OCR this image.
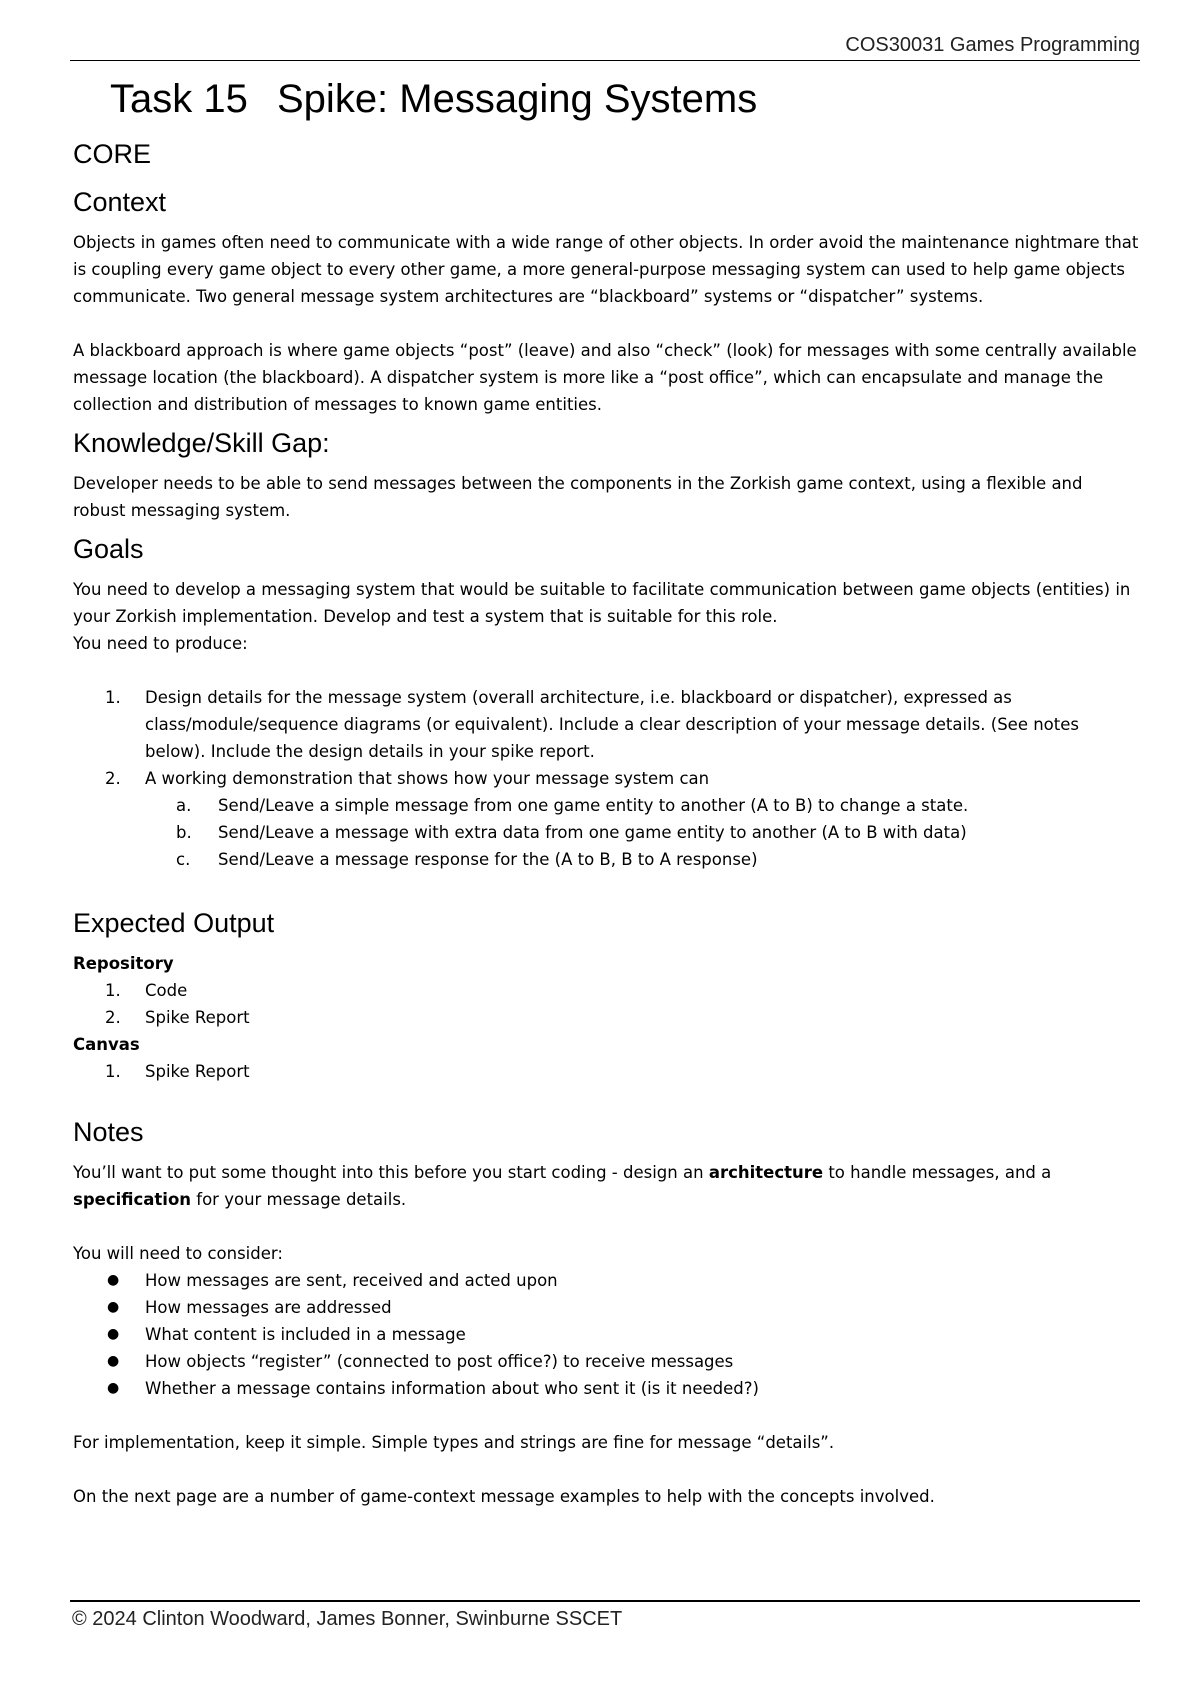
COS30031 Games Programming
Task 15 Spike: Messaging Systems
CORE
Context

Objects in games often need to communicate with a wide range of other objects. In order avoid the maintenance nightmare that is coupling every game object to every other game, a more general-purpose messaging system can used to help game objects communicate. Two general message system architectures are “blackboard” systems or “dispatcher” systems.

A blackboard approach is where game objects “post” (leave) and also “check” (look) for messages with some centrally available message location (the blackboard). A dispatcher system is more like a “post office”, which can encapsulate and manage the collection and distribution of messages to known game entities.

Knowledge/Skill Gap:

Developer needs to be able to send messages between the components in the Zorkish game context, using a flexible and robust messaging system.

Goals

You need to develop a messaging system that would be suitable to facilitate communication between game objects (entities) in your Zorkish implementation. Develop and test a system that is suitable for this role.

You need to produce:

1. Design details for the message system (overall architecture, i.e. blackboard or dispatcher), expressed as class/module/sequence diagrams (or equivalent). Include a clear description of your message details. (See notes below). Include the design details in your spike report.
2. A working demonstration that shows how your message system can
a. Send/Leave a simple message from one game entity to another (A to B) to change a state.
b. Send/Leave a message with extra data from one game entity to another (A to B with data)
c. Send/Leave a message response for the (A to B, B to A response)
Expected Output

Repository

1. Code
2. Spike Report

Canvas

1. Spike Report
Notes

You’ll want to put some thought into this before you start coding - design an architecture to handle messages, and a specification for your message details.

You will need to consider:

● How messages are sent, received and acted upon
● How messages are addressed
● What content is included in a message
● How objects “register” (connected to post office?) to receive messages
● Whether a message contains information about who sent it (is it needed?)

For implementation, keep it simple. Simple types and strings are fine for message “details”.

On the next page are a number of game-context message examples to help with the concepts involved.

© 2024 Clinton Woodward, James Bonner, Swinburne SSCET
